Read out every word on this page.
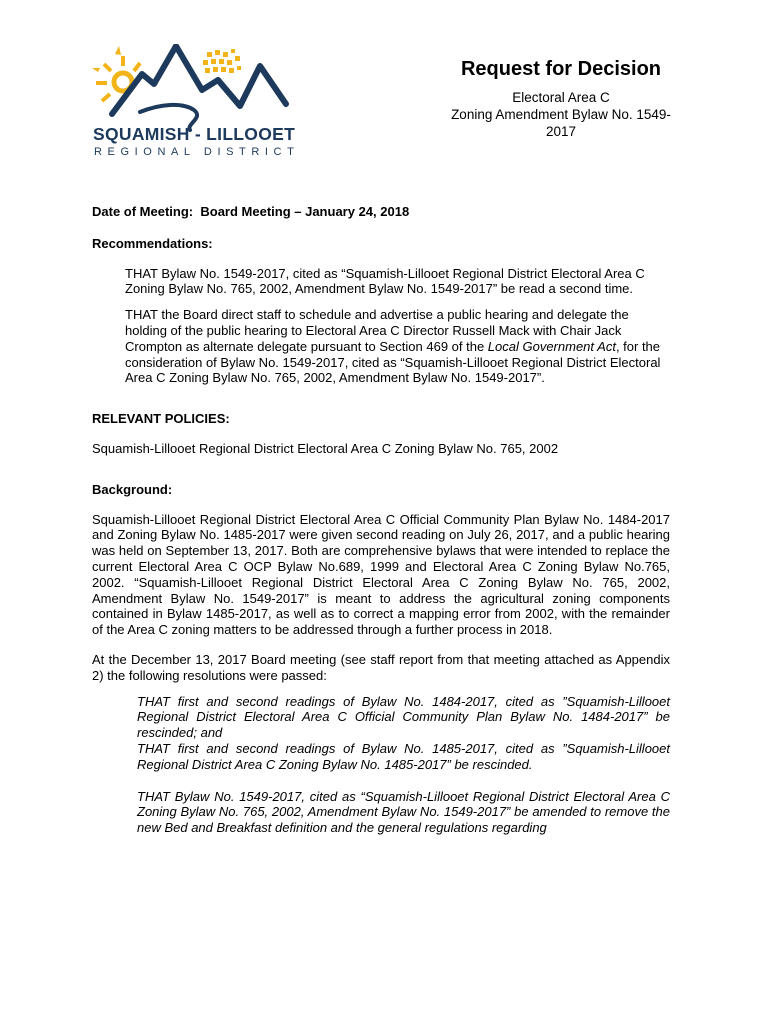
SQUAMISH - LILLOOET
REGIONAL DISTRICT
Request for Decision
Electoral Area C
Zoning Amendment Bylaw No. 1549-
2017

Date of Meeting: Board Meeting – January 24, 2018

Recommendations:

THAT Bylaw No. 1549-2017, cited as “Squamish-Lillooet Regional District Electoral Area C Zoning Bylaw No. 765, 2002, Amendment Bylaw No. 1549-2017” be read a second time.

THAT the Board direct staff to schedule and advertise a public hearing and delegate the holding of the public hearing to Electoral Area C Director Russell Mack with Chair Jack Crompton as alternate delegate pursuant to Section 469 of the Local Government Act, for the consideration of Bylaw No. 1549-2017, cited as “Squamish-Lillooet Regional District Electoral Area C Zoning Bylaw No. 765, 2002, Amendment Bylaw No. 1549-2017”.

RELEVANT POLICIES:

Squamish-Lillooet Regional District Electoral Area C Zoning Bylaw No. 765, 2002

Background:

Squamish-Lillooet Regional District Electoral Area C Official Community Plan Bylaw No. 1484-2017 and Zoning Bylaw No. 1485-2017 were given second reading on July 26, 2017, and a public hearing was held on September 13, 2017. Both are comprehensive bylaws that were intended to replace the current Electoral Area C OCP Bylaw No.689, 1999 and Electoral Area C Zoning Bylaw No.765, 2002. “Squamish-Lillooet Regional District Electoral Area C Zoning Bylaw No. 765, 2002, Amendment Bylaw No. 1549-2017” is meant to address the agricultural zoning components contained in Bylaw 1485-2017, as well as to correct a mapping error from 2002, with the remainder of the Area C zoning matters to be addressed through a further process in 2018.

At the December 13, 2017 Board meeting (see staff report from that meeting attached as Appendix 2) the following resolutions were passed:

THAT first and second readings of Bylaw No. 1484-2017, cited as ”Squamish-Lillooet Regional District Electoral Area C Official Community Plan Bylaw No. 1484-2017” be rescinded; and

THAT first and second readings of Bylaw No. 1485-2017, cited as ”Squamish-Lillooet Regional District Area C Zoning Bylaw No. 1485-2017” be rescinded.

THAT Bylaw No. 1549-2017, cited as “Squamish-Lillooet Regional District Electoral Area C Zoning Bylaw No. 765, 2002, Amendment Bylaw No. 1549-2017” be amended to remove the new Bed and Breakfast definition and the general regulations regarding
